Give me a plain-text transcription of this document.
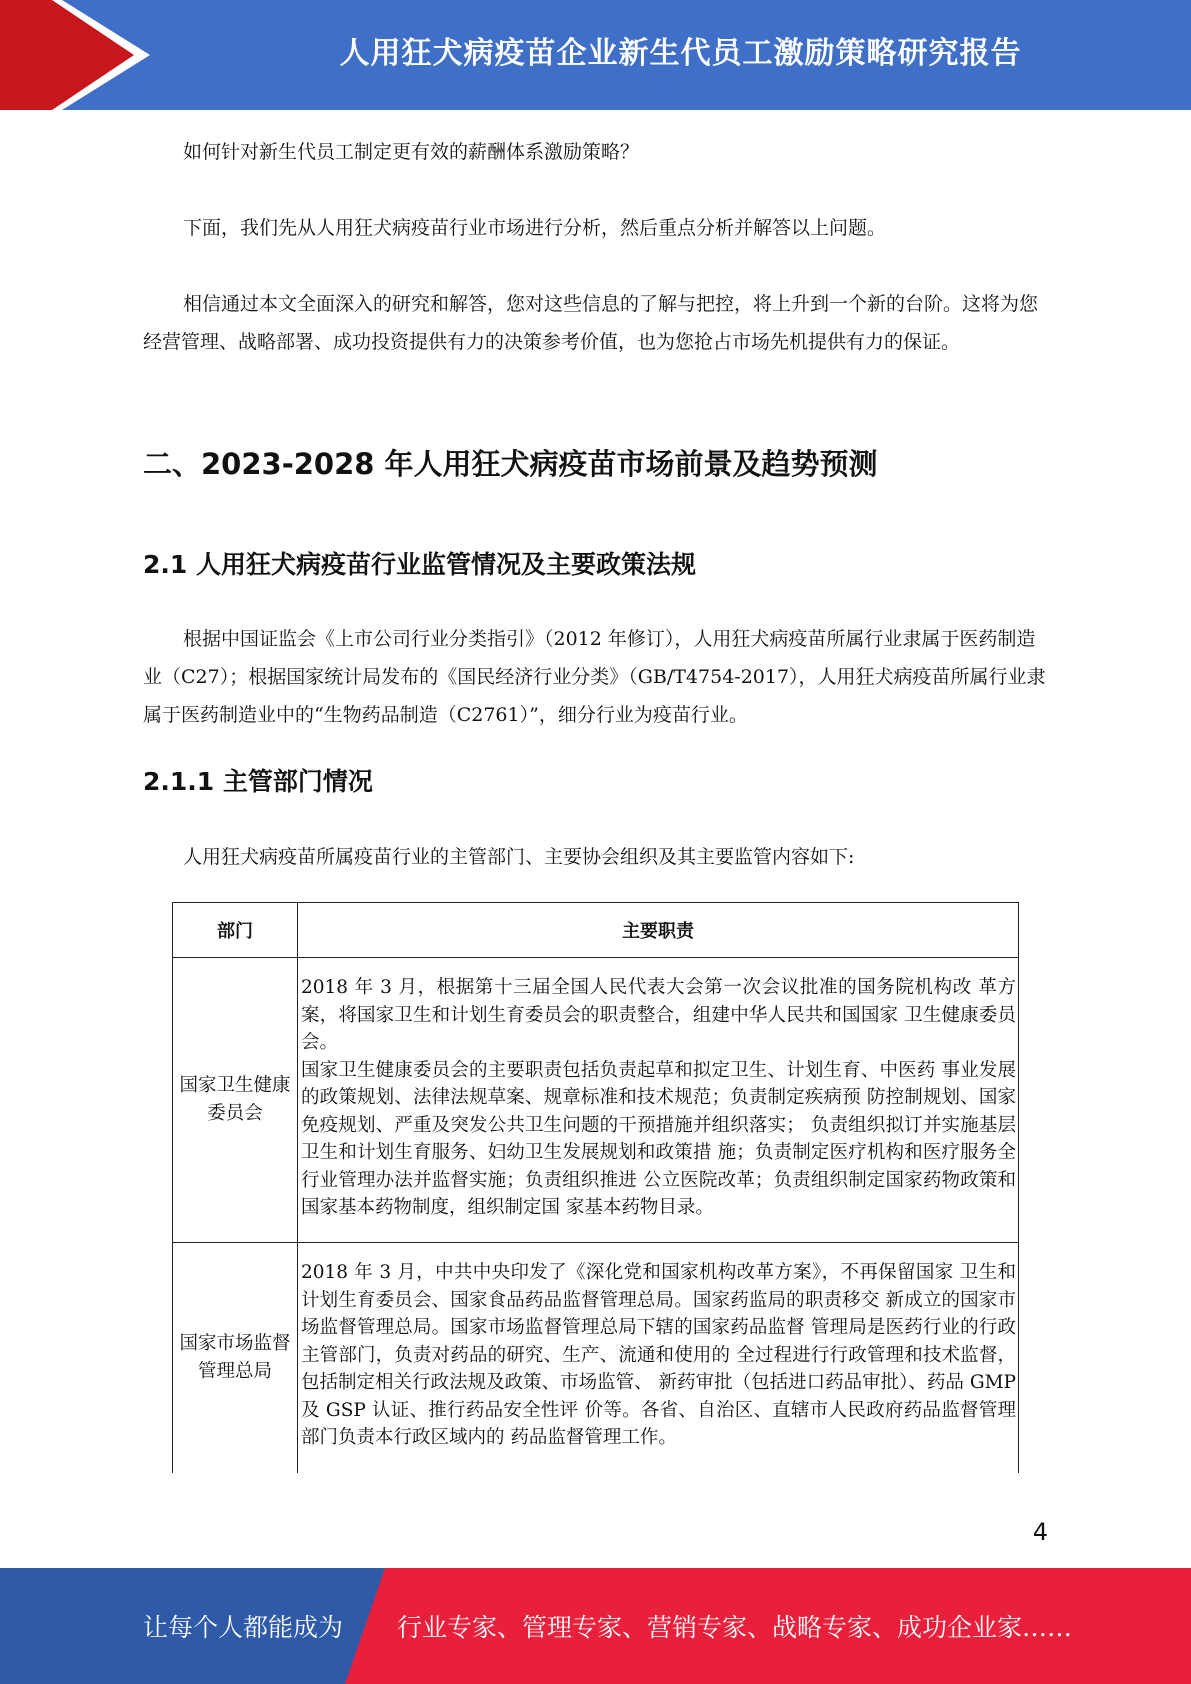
人用狂犬病疫苗企业新生代员工激励策略研究报告

如何针对新生代员工制定更有效的薪酬体系激励策略？

下面，我们先从人用狂犬病疫苗行业市场进行分析，然后重点分析并解答以上问题。

相信通过本文全面深入的研究和解答，您对这些信息的了解与把控，将上升到一个新的台阶。这将为您经营管理、战略部署、成功投资提供有力的决策参考价值，也为您抢占市场先机提供有力的保证。

二、2023-2028 年人用狂犬病疫苗市场前景及趋势预测
2.1 人用狂犬病疫苗行业监管情况及主要政策法规

根据中国证监会《上市公司行业分类指引》（2012 年修订），人用狂犬病疫苗所属行业隶属于医药制造业（C27）；根据国家统计局发布的《国民经济行业分类》（GB/T4754-2017），人用狂犬病疫苗所属行业隶属于医药制造业中的“生物药品制造（C2761）”，细分行业为疫苗行业。

2.1.1 主管部门情况

人用狂犬病疫苗所属疫苗行业的主管部门、主要协会组织及其主要监管内容如下:

部门	主要职责
国家卫生健康委员会	2018 年 3 月，根据第十三届全国人民代表大会第一次会议批准的国务院机构改 革方案，将国家卫生和计划生育委员会的职责整合，组建中华人民共和国国家 卫生健康委员会。
国家卫生健康委员会的主要职责包括负责起草和拟定卫生、计划生育、中医药 事业发展的政策规划、法律法规草案、规章标准和技术规范；负责制定疾病预 防控制规划、国家免疫规划、严重及突发公共卫生问题的干预措施并组织落实； 负责组织拟订并实施基层卫生和计划生育服务、妇幼卫生发展规划和政策措 施；负责制定医疗机构和医疗服务全行业管理办法并监督实施；负责组织推进 公立医院改革；负责组织制定国家药物政策和国家基本药物制度，组织制定国 家基本药物目录。
国家市场监督管理总局	2018 年 3 月，中共中央印发了《深化党和国家机构改革方案》，不再保留国家 卫生和计划生育委员会、国家食品药品监督管理总局。国家药监局的职责移交 新成立的国家市场监督管理总局。国家市场监督管理总局下辖的国家药品监督 管理局是医药行业的行政主管部门，负责对药品的研究、生产、流通和使用的 全过程进行行政管理和技术监督，包括制定相关行政法规及政策、市场监管、 新药审批（包括进口药品审批）、药品 GMP 及 GSP 认证、推行药品安全性评 价等。各省、自治区、直辖市人民政府药品监督管理部门负责本行政区域内的 药品监督管理工作。
4
让每个人都能成为 行业专家、管理专家、营销专家、战略专家、成功企业家……
